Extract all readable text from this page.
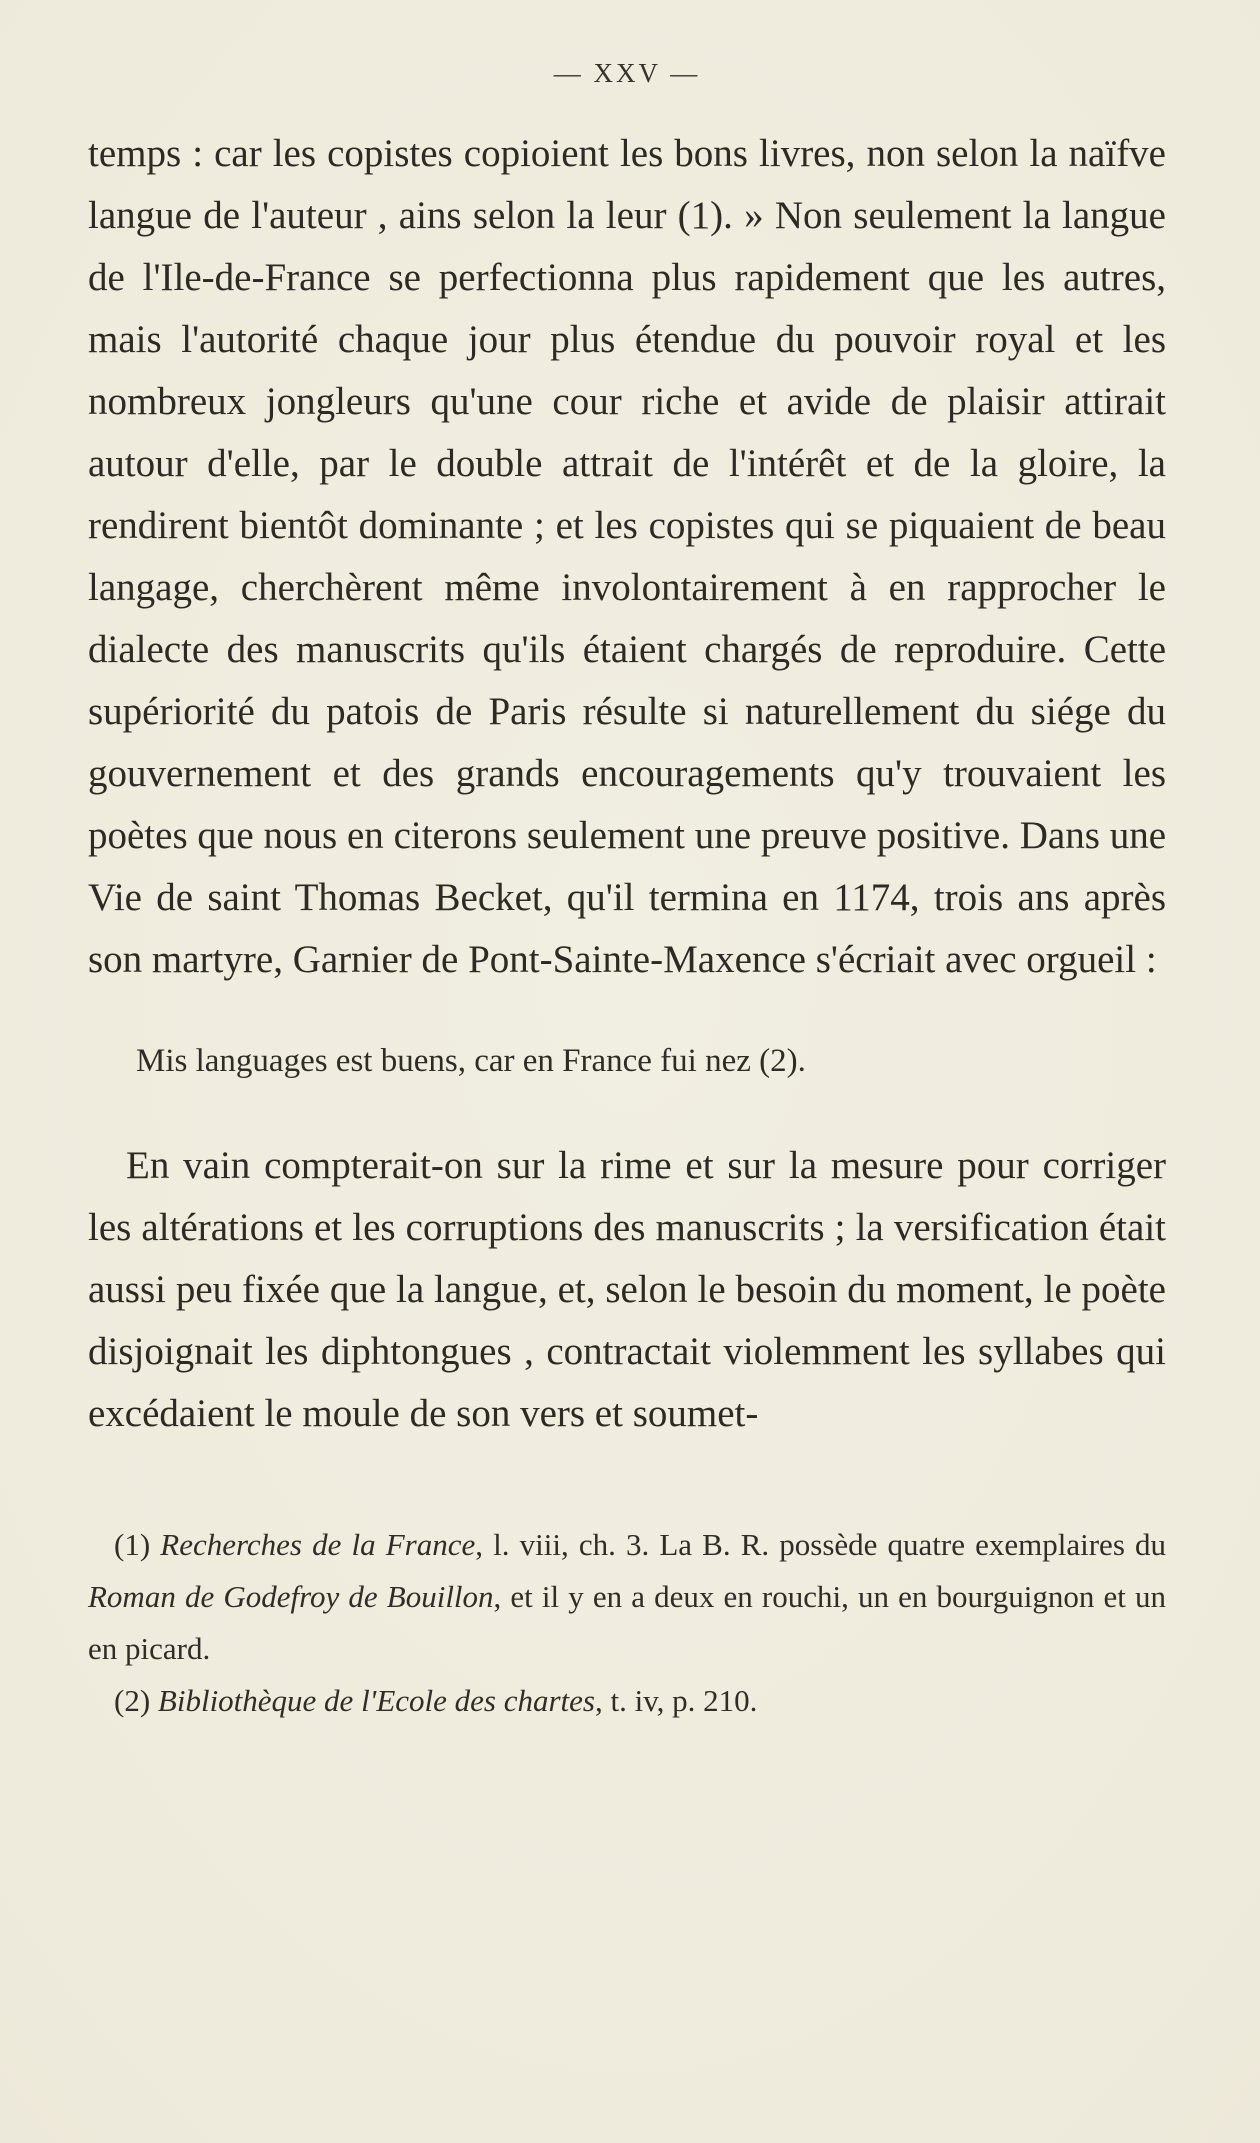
— XXV —

temps : car les copistes copioient les bons livres, non selon la naïfve langue de l'auteur , ains selon la leur (1). » Non seulement la langue de l'Ile-de-France se perfectionna plus rapidement que les autres, mais l'autorité chaque jour plus étendue du pouvoir royal et les nombreux jongleurs qu'une cour riche et avide de plaisir attirait autour d'elle, par le double attrait de l'intérêt et de la gloire, la rendirent bientôt dominante ; et les copistes qui se piquaient de beau langage, cherchèrent même involontairement à en rapprocher le dialecte des manuscrits qu'ils étaient chargés de reproduire. Cette supériorité du patois de Paris résulte si naturellement du siége du gouvernement et des grands encouragements qu'y trouvaient les poètes que nous en citerons seulement une preuve positive. Dans une Vie de saint Thomas Becket, qu'il termina en 1174, trois ans après son martyre, Garnier de Pont-Sainte-Maxence s'écriait avec orgueil :

Mis languages est buens, car en France fui nez (2).

En vain compterait-on sur la rime et sur la mesure pour corriger les altérations et les corruptions des manuscrits ; la versification était aussi peu fixée que la langue, et, selon le besoin du moment, le poète disjoignait les diphtongues , contractait violemment les syllabes qui excédaient le moule de son vers et soumet-

(1) Recherches de la France, l. viii, ch. 3. La B. R. possède quatre exemplaires du Roman de Godefroy de Bouillon, et il y en a deux en rouchi, un en bourguignon et un en picard.

(2) Bibliothèque de l'Ecole des chartes, t. iv, p. 210.
